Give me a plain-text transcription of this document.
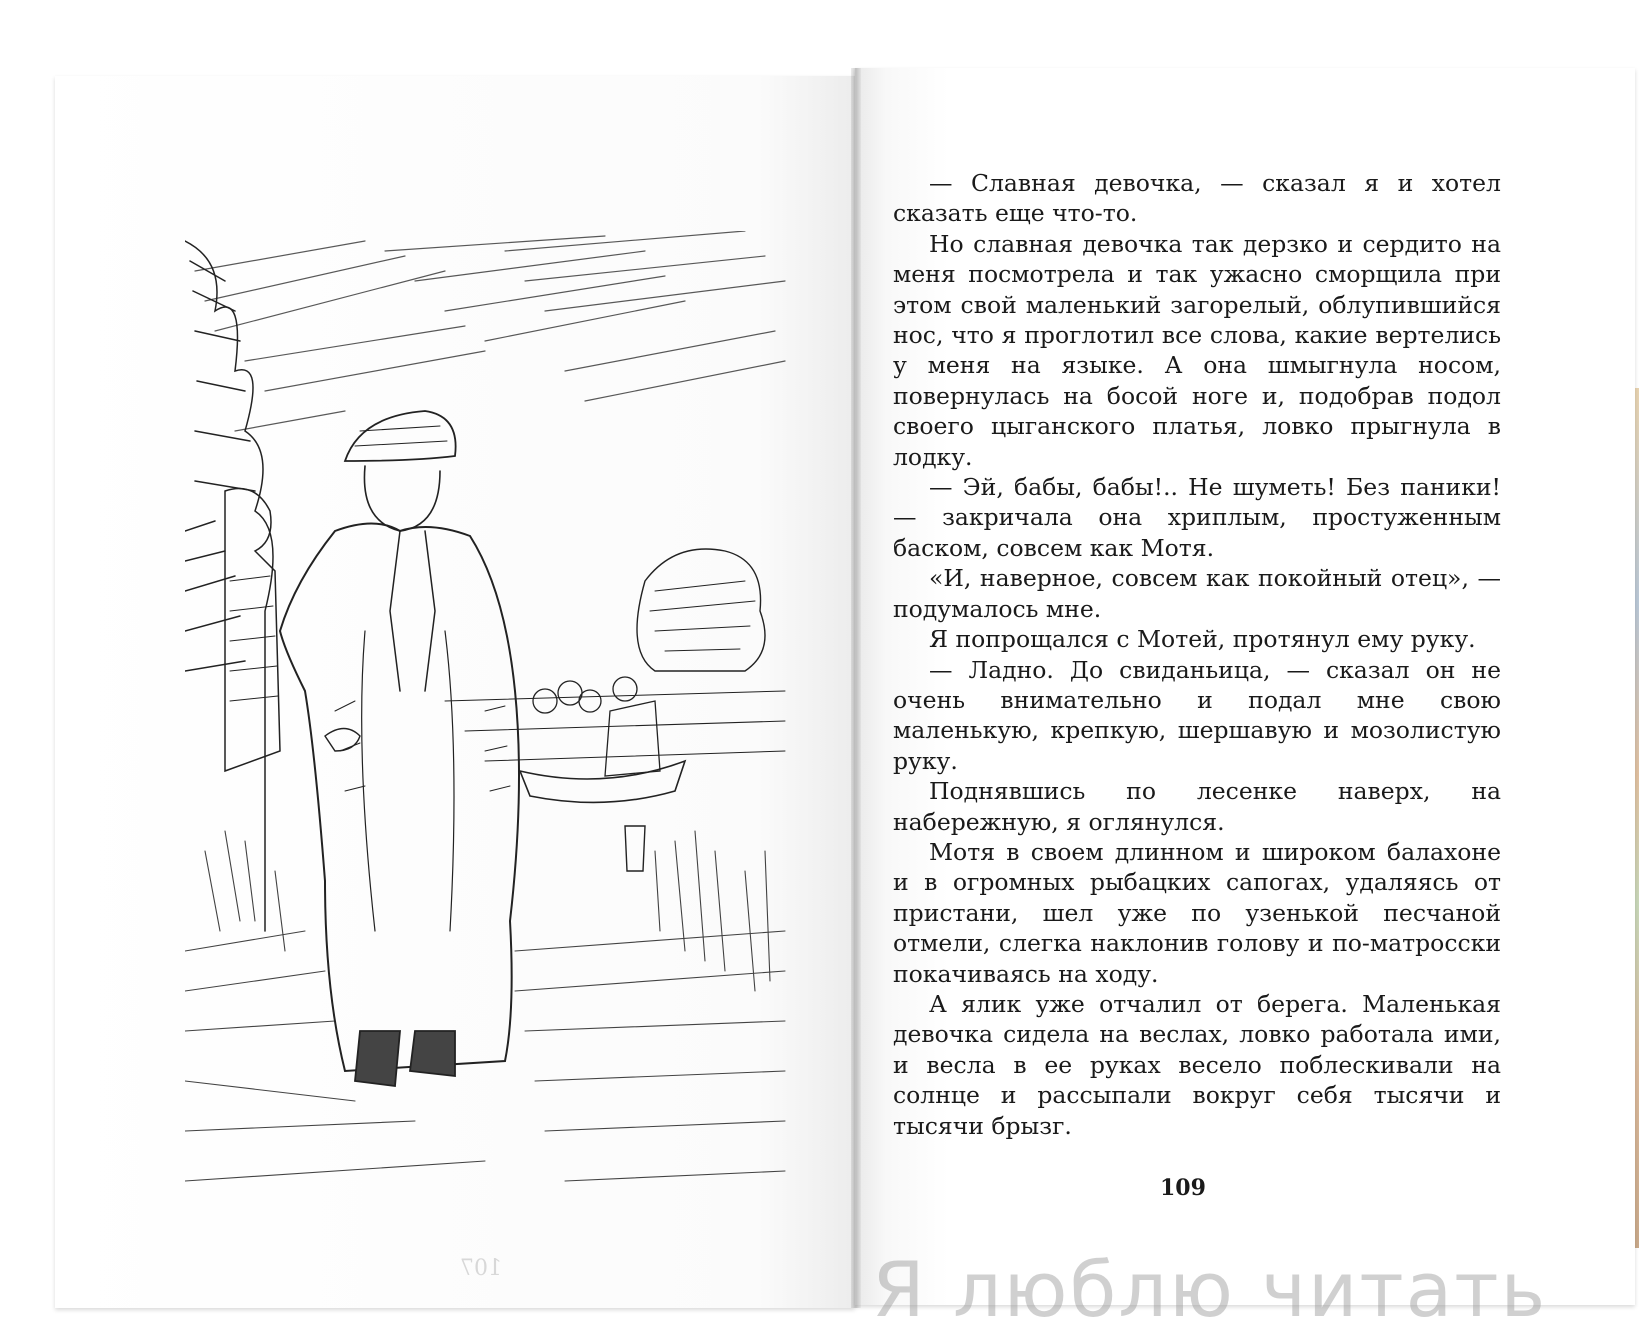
107

— Славная девочка, — сказал я и хотел сказать еще что-то.

Но славная девочка так дерзко и сердито на меня посмотрела и так ужасно сморщила при этом свой маленький загорелый, облупившийся нос, что я проглотил все слова, какие вертелись у меня на языке. А она шмыгнула носом, повернулась на босой ноге и, подобрав подол своего цыганского платья, ловко прыгнула в лодку.

— Эй, бабы, бабы!.. Не шуметь! Без паники! — закричала она хриплым, простуженным баском, совсем как Мотя.

«И, наверное, совсем как покойный отец», — подумалось мне.

Я попрощался с Мотей, протянул ему руку.

— Ладно. До свиданьица, — сказал он не очень внимательно и подал мне свою маленькую, крепкую, шершавую и мозолистую руку.

Поднявшись по лесенке наверх, на набережную, я оглянулся.

Мотя в своем длинном и широком балахоне и в огромных рыбацких сапогах, удаляясь от пристани, шел уже по узенькой песчаной отмели, слегка наклонив голову и по-матросски покачиваясь на ходу.

А ялик уже отчалил от берега. Маленькая девочка сидела на веслах, ловко работала ими, и весла в ее руках весело поблескивали на солнце и рассыпали вокруг себя тысячи и тысячи брызг.

109
Я люблю читать
